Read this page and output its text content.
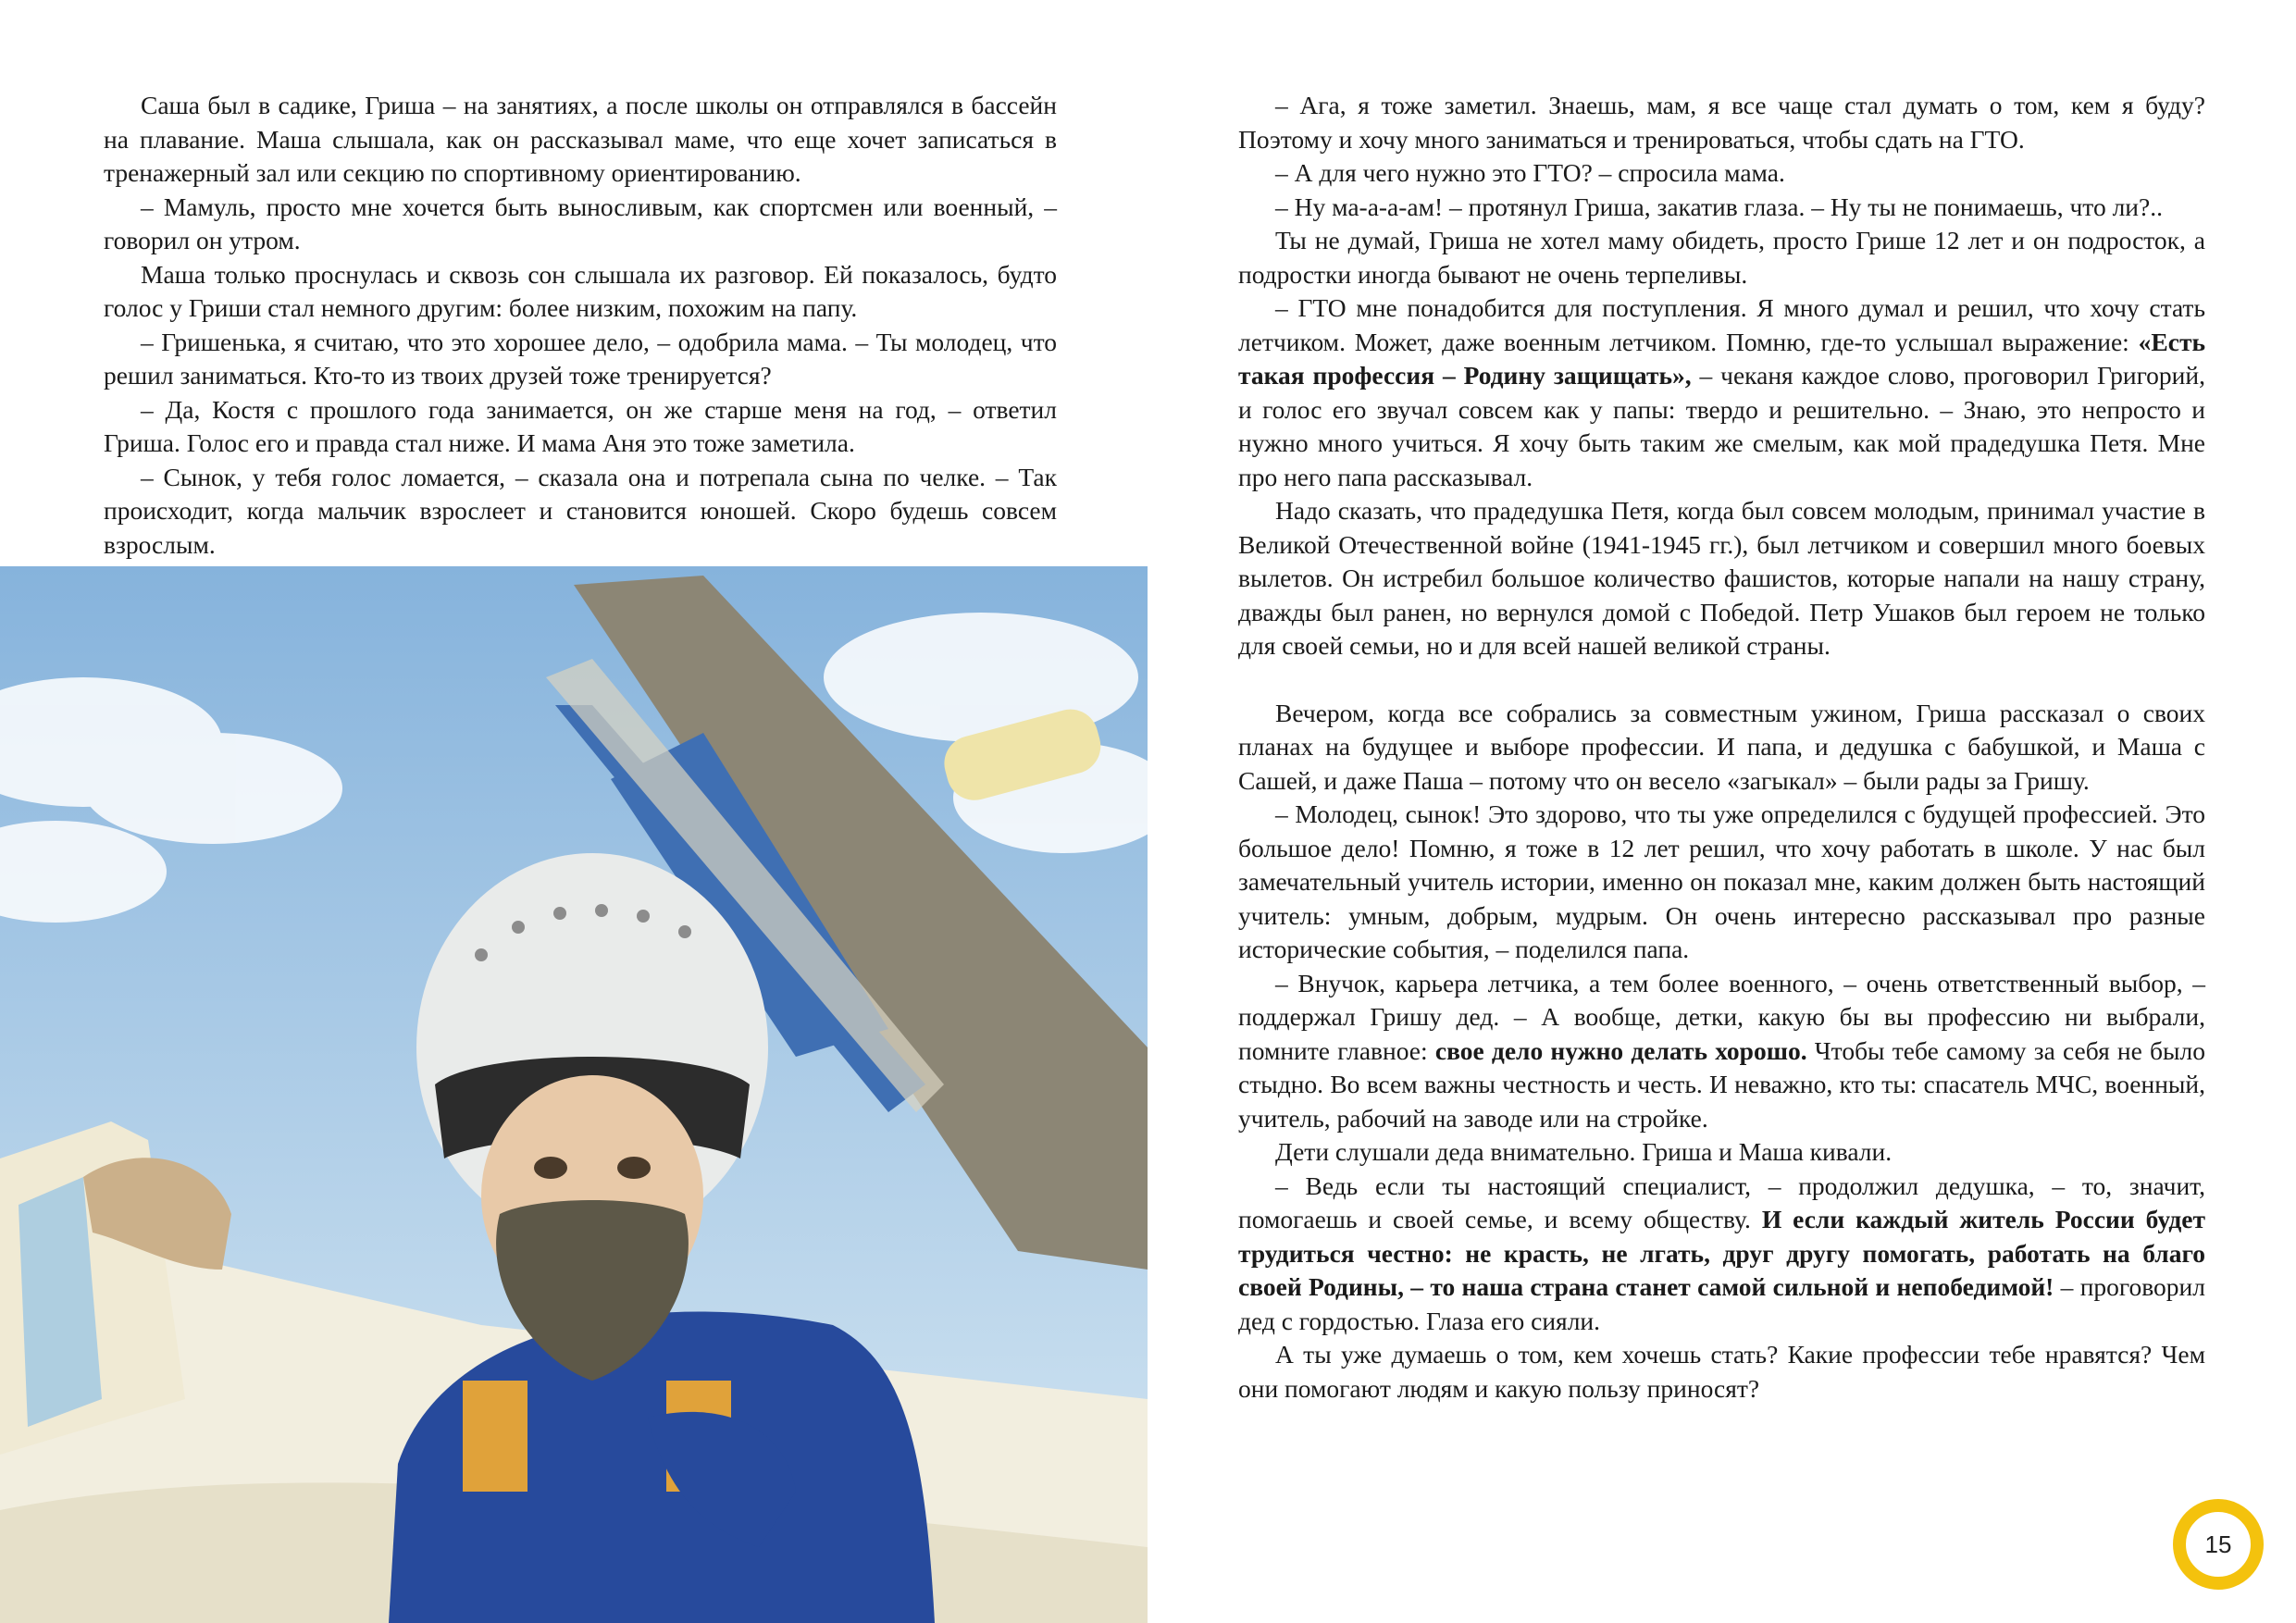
Саша был в садике, Гриша – на занятиях, а после школы он отправлялся в бассейн на плавание. Маша слышала, как он рассказывал маме, что еще хочет записаться в тренажерный зал или секцию по спортивному ориентированию.

– Мамуль, просто мне хочется быть выносливым, как спортсмен или военный, – говорил он утром.

Маша только проснулась и сквозь сон слышала их разговор. Ей показалось, будто голос у Гриши стал немного другим: более низким, похожим на папу.

– Гришенька, я считаю, что это хорошее дело, – одобрила мама. – Ты молодец, что решил заниматься. Кто-то из твоих друзей тоже тренируется?

– Да, Костя с прошлого года занимается, он же старше меня на год, – ответил Гриша. Голос его и правда стал ниже. И мама Аня это тоже заметила.

– Сынок, у тебя голос ломается, – сказала она и потрепала сына по челке. – Так происходит, когда мальчик взрослеет и становится юношей. Скоро будешь совсем взрослым.

– Ага, я тоже заметил. Знаешь, мам, я все чаще стал думать о том, кем я буду? Поэтому и хочу много заниматься и тренироваться, чтобы сдать на ГТО.

– А для чего нужно это ГТО? – спросила мама.

– Ну ма-а-а-ам! – протянул Гриша, закатив глаза. – Ну ты не понимаешь, что ли?..

Ты не думай, Гриша не хотел маму обидеть, просто Грише 12 лет и он подросток, а подростки иногда бывают не очень терпеливы.

– ГТО мне понадобится для поступления. Я много думал и решил, что хочу стать летчиком. Может, даже военным летчиком. Помню, где-то услышал выражение: «Есть такая профессия – Родину защищать», – чеканя каждое слово, проговорил Григорий, и голос его звучал совсем как у папы: твердо и решительно. – Знаю, это непросто и нужно много учиться. Я хочу быть таким же смелым, как мой прадедушка Петя. Мне про него папа рассказывал.

Надо сказать, что прадедушка Петя, когда был совсем молодым, принимал участие в Великой Отечественной войне (1941-1945 гг.), был летчиком и совершил много боевых вылетов. Он истребил большое количество фашистов, которые напали на нашу страну, дважды был ранен, но вернулся домой с Победой. Петр Ушаков был героем не только для своей семьи, но и для всей нашей великой страны.

Вечером, когда все собрались за совместным ужином, Гриша рассказал о своих планах на будущее и выборе профессии. И папа, и дедушка с бабушкой, и Маша с Сашей, и даже Паша – потому что он весело «загыкал» – были рады за Гришу.

– Молодец, сынок! Это здорово, что ты уже определился с будущей профессией. Это большое дело! Помню, я тоже в 12 лет решил, что хочу работать в школе. У нас был замечательный учитель истории, именно он показал мне, каким должен быть настоящий учитель: умным, добрым, мудрым. Он очень интересно рассказывал про разные исторические события, – поделился папа.

– Внучок, карьера летчика, а тем более военного, – очень ответственный выбор, –поддержал Гришу дед. – А вообще, детки, какую бы вы профессию ни выбрали, помните главное: свое дело нужно делать хорошо. Чтобы тебе самому за себя не было стыдно. Во всем важны честность и честь. И неважно, кто ты: спасатель МЧС, военный, учитель, рабочий на заводе или на стройке.

Дети слушали деда внимательно. Гриша и Маша кивали.

– Ведь если ты настоящий специалист, – продолжил дедушка, – то, значит, помогаешь и своей семье, и всему обществу. И если каждый житель России будет трудиться честно: не красть, не лгать, друг другу помогать, работать на благо своей Родины, – то наша страна станет самой сильной и непобедимой! – проговорил дед с гордостью. Глаза его сияли.

А ты уже думаешь о том, кем хочешь стать? Какие профессии тебе нравятся? Чем они помогают людям и какую пользу приносят?

15
